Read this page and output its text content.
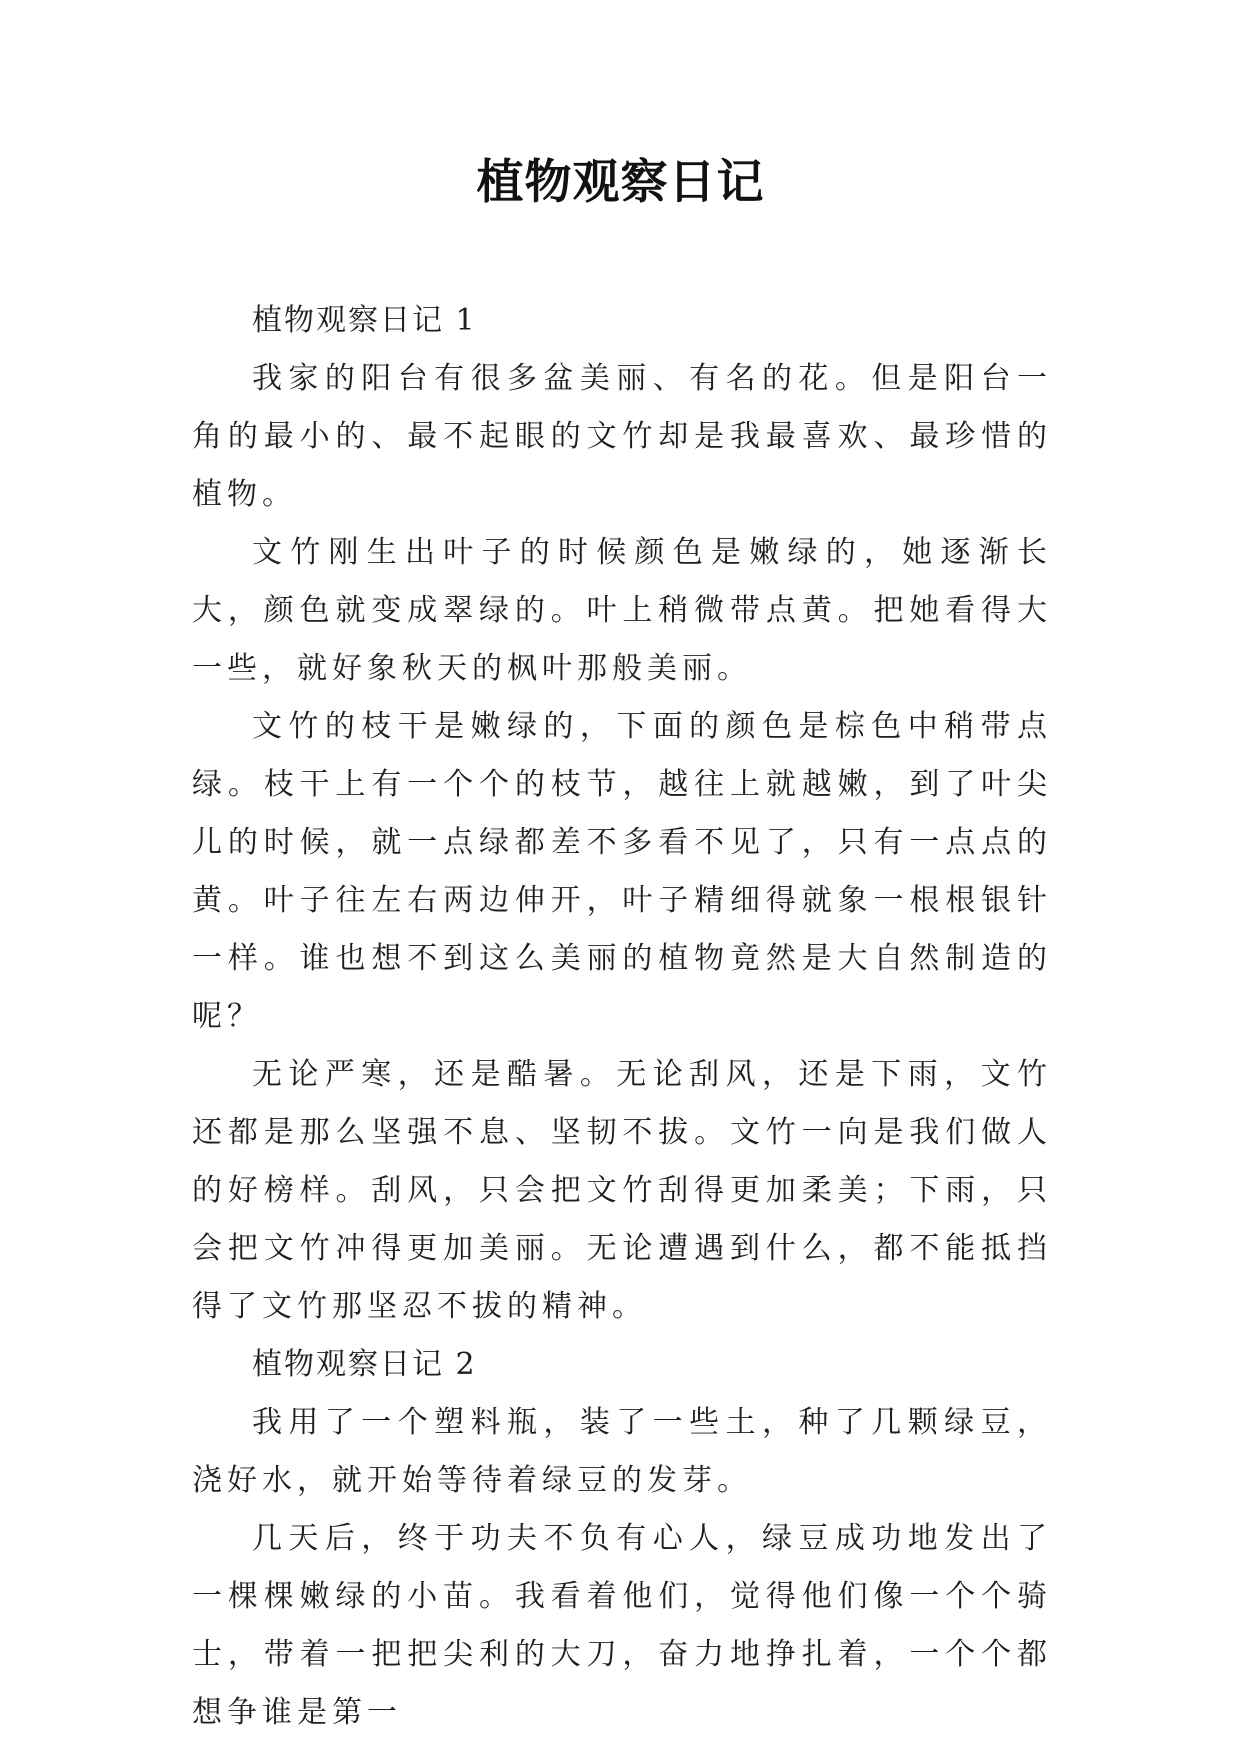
植物观察日记

植物观察日记 1

我家的阳台有很多盆美丽、有名的花。但是阳台一角的最小的、最不起眼的文竹却是我最喜欢、最珍惜的植物。

文竹刚生出叶子的时候颜色是嫩绿的，她逐渐长大，颜色就变成翠绿的。叶上稍微带点黄。把她看得大一些，就好象秋天的枫叶那般美丽。

文竹的枝干是嫩绿的，下面的颜色是棕色中稍带点绿。枝干上有一个个的枝节，越往上就越嫩，到了叶尖儿的时候，就一点绿都差不多看不见了，只有一点点的黄。叶子往左右两边伸开，叶子精细得就象一根根银针一样。谁也想不到这么美丽的植物竟然是大自然制造的呢？

无论严寒，还是酷暑。无论刮风，还是下雨，文竹还都是那么坚强不息、坚韧不拔。文竹一向是我们做人的好榜样。刮风，只会把文竹刮得更加柔美；下雨，只会把文竹冲得更加美丽。无论遭遇到什么，都不能抵挡得了文竹那坚忍不拔的精神。

植物观察日记 2

我用了一个塑料瓶，装了一些土，种了几颗绿豆，浇好水，就开始等待着绿豆的发芽。

几天后，终于功夫不负有心人，绿豆成功地发出了一棵棵嫩绿的小苗。我看着他们，觉得他们像一个个骑士，带着一把把尖利的大刀，奋力地挣扎着，一个个都想争谁是第一
